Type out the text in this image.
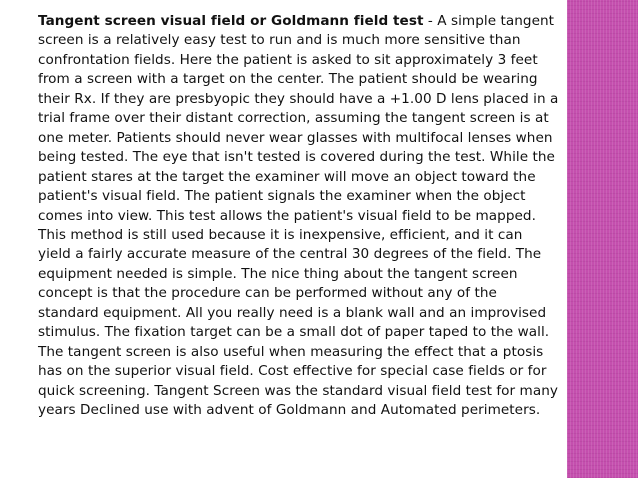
Tangent screen visual field or Goldmann field test - A simple tangent
screen is a relatively easy test to run and is much more sensitive than
confrontation fields. Here the patient is asked to sit approximately 3 feet
from a screen with a target on the center. The patient should be wearing
their Rx. If they are presbyopic they should have a +1.00 D lens placed in a
trial frame over their distant correction, assuming the tangent screen is at
one meter. Patients should never wear glasses with multifocal lenses when
being tested. The eye that isn't tested is covered during the test. While the
patient stares at the target the examiner will move an object toward the
patient's visual field. The patient signals the examiner when the object
comes into view. This test allows the patient's visual field to be mapped.
This method is still used because it is inexpensive, efficient, and it can
yield a fairly accurate measure of the central 30 degrees of the field. The
equipment needed is simple. The nice thing about the tangent screen
concept is that the procedure can be performed without any of the
standard equipment. All you really need is a blank wall and an improvised
stimulus. The fixation target can be a small dot of paper taped to the wall.
The tangent screen is also useful when measuring the effect that a ptosis
has on the superior visual field. Cost effective for special case fields or for
quick screening. Tangent Screen was the standard visual field test for many
years Declined use with advent of Goldmann and Automated perimeters.
